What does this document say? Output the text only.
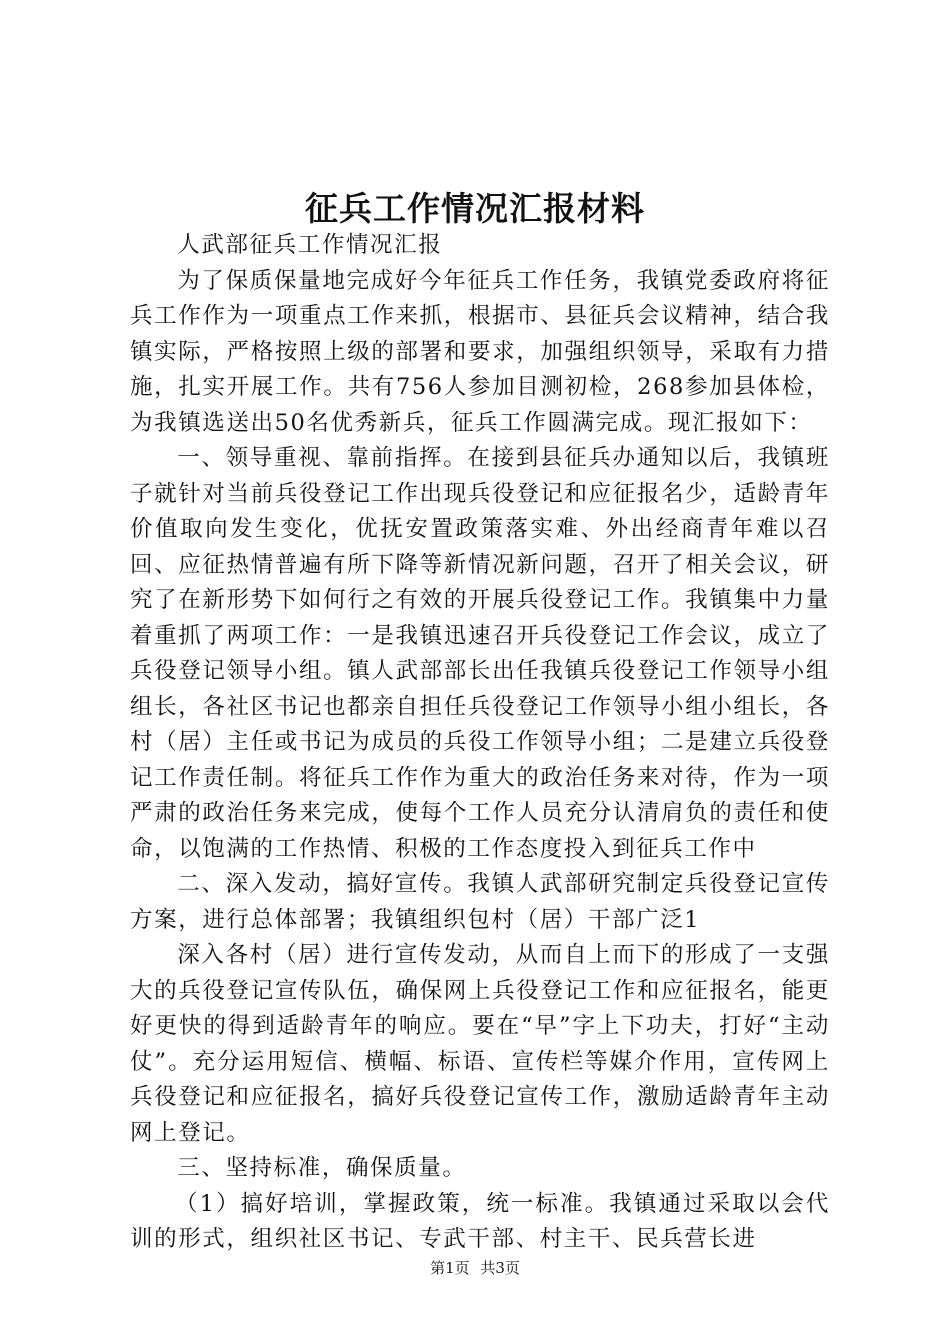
征兵工作情况汇报材料

人武部征兵工作情况汇报

为了保质保量地完成好今年征兵工作任务，我镇党委政府将征兵工作作为一项重点工作来抓，根据市、县征兵会议精神，结合我镇实际，严格按照上级的部署和要求，加强组织领导，采取有力措施，扎实开展工作。共有756人参加目测初检，268参加县体检，为我镇选送出50名优秀新兵，征兵工作圆满完成。现汇报如下：

一、领导重视、靠前指挥。在接到县征兵办通知以后，我镇班子就针对当前兵役登记工作出现兵役登记和应征报名少，适龄青年价值取向发生变化，优抚安置政策落实难、外出经商青年难以召回、应征热情普遍有所下降等新情况新问题，召开了相关会议，研究了在新形势下如何行之有效的开展兵役登记工作。我镇集中力量着重抓了两项工作：一是我镇迅速召开兵役登记工作会议，成立了兵役登记领导小组。镇人武部部长出任我镇兵役登记工作领导小组组长，各社区书记也都亲自担任兵役登记工作领导小组小组长，各村（居）主任或书记为成员的兵役工作领导小组；二是建立兵役登记工作责任制。将征兵工作作为重大的政治任务来对待，作为一项严肃的政治任务来完成，使每个工作人员充分认清肩负的责任和使命，以饱满的工作热情、积极的工作态度投入到征兵工作中

二、深入发动，搞好宣传。我镇人武部研究制定兵役登记宣传方案，进行总体部署；我镇组织包村（居）干部广泛1

深入各村（居）进行宣传发动，从而自上而下的形成了一支强大的兵役登记宣传队伍，确保网上兵役登记工作和应征报名，能更好更快的得到适龄青年的响应。要在“早”字上下功夫，打好“主动仗”。充分运用短信、横幅、标语、宣传栏等媒介作用，宣传网上兵役登记和应征报名，搞好兵役登记宣传工作，激励适龄青年主动网上登记。

三、坚持标准，确保质量。

（1）搞好培训，掌握政策，统一标准。我镇通过采取以会代训的形式，组织社区书记、专武干部、村主干、民兵营长进

第1页 共3页
